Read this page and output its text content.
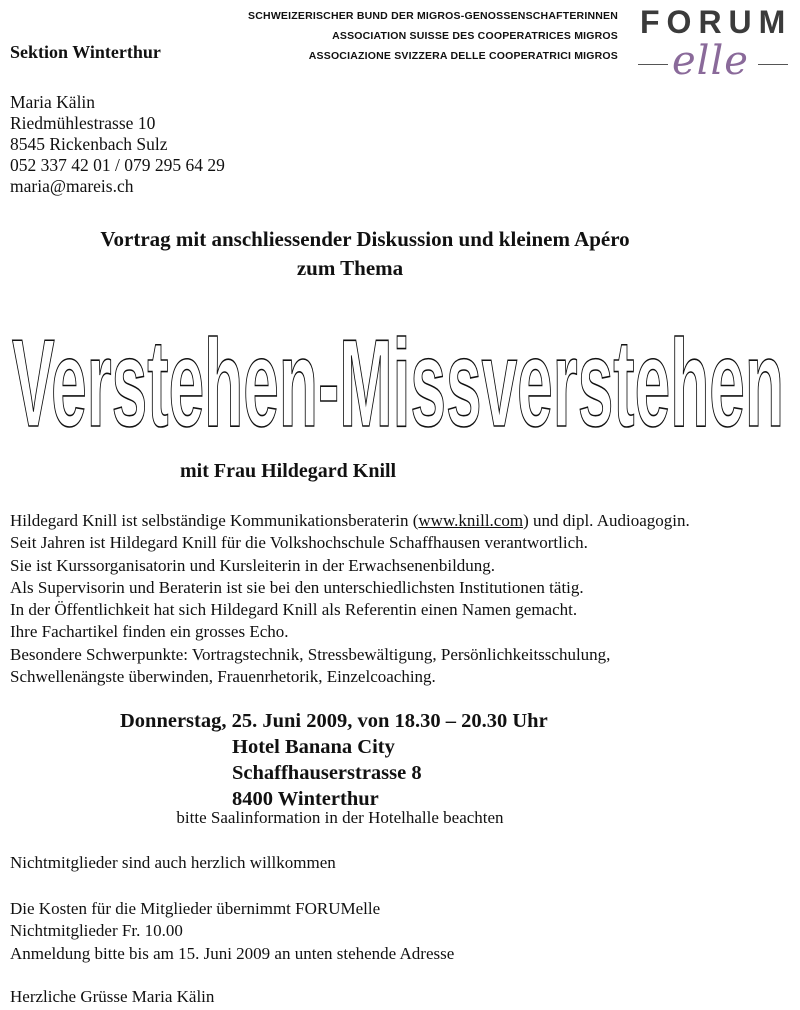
SCHWEIZERISCHER BUND DER MIGROS-GENOSSENSCHAFTERINNEN
ASSOCIATION SUISSE DES COOPERATRICES MIGROS
ASSOCIAZIONE SVIZZERA DELLE COOPERATRICI MIGROS
FORUM
elle
Sektion Winterthur
Maria Kälin
Riedmühlestrasse 10
8545 Rickenbach Sulz
052 337 42 01 / 079 295 64 29
maria@mareis.ch
Vortrag mit anschliessender Diskussion und kleinem Apéro
zum Thema
Verstehen-Missverstehen
mit Frau Hildegard Knill
Hildegard Knill ist selbständige Kommunikationsberaterin (www.knill.com) und dipl. Audioagogin.
Seit Jahren ist Hildegard Knill für die Volkshochschule Schaffhausen verantwortlich.
Sie ist Kurssorganisatorin und Kursleiterin in der Erwachsenenbildung.
Als Supervisorin und Beraterin ist sie bei den unterschiedlichsten Institutionen tätig.
In der Öffentlichkeit hat sich Hildegard Knill als Referentin einen Namen gemacht.
Ihre Fachartikel finden ein grosses Echo.
Besondere Schwerpunkte: Vortragstechnik, Stressbewältigung, Persönlichkeitsschulung,
Schwellenängste überwinden, Frauenrhetorik, Einzelcoaching.
Donnerstag, 25. Juni 2009, von 18.30 – 20.30 Uhr
Hotel Banana City
Schaffhauserstrasse 8
8400 Winterthur
bitte Saalinformation in der Hotelhalle beachten
Nichtmitglieder sind auch herzlich willkommen
Die Kosten für die Mitglieder übernimmt FORUMelle
Nichtmitglieder Fr. 10.00
Anmeldung bitte bis am 15. Juni 2009 an unten stehende Adresse
Herzliche Grüsse Maria Kälin
